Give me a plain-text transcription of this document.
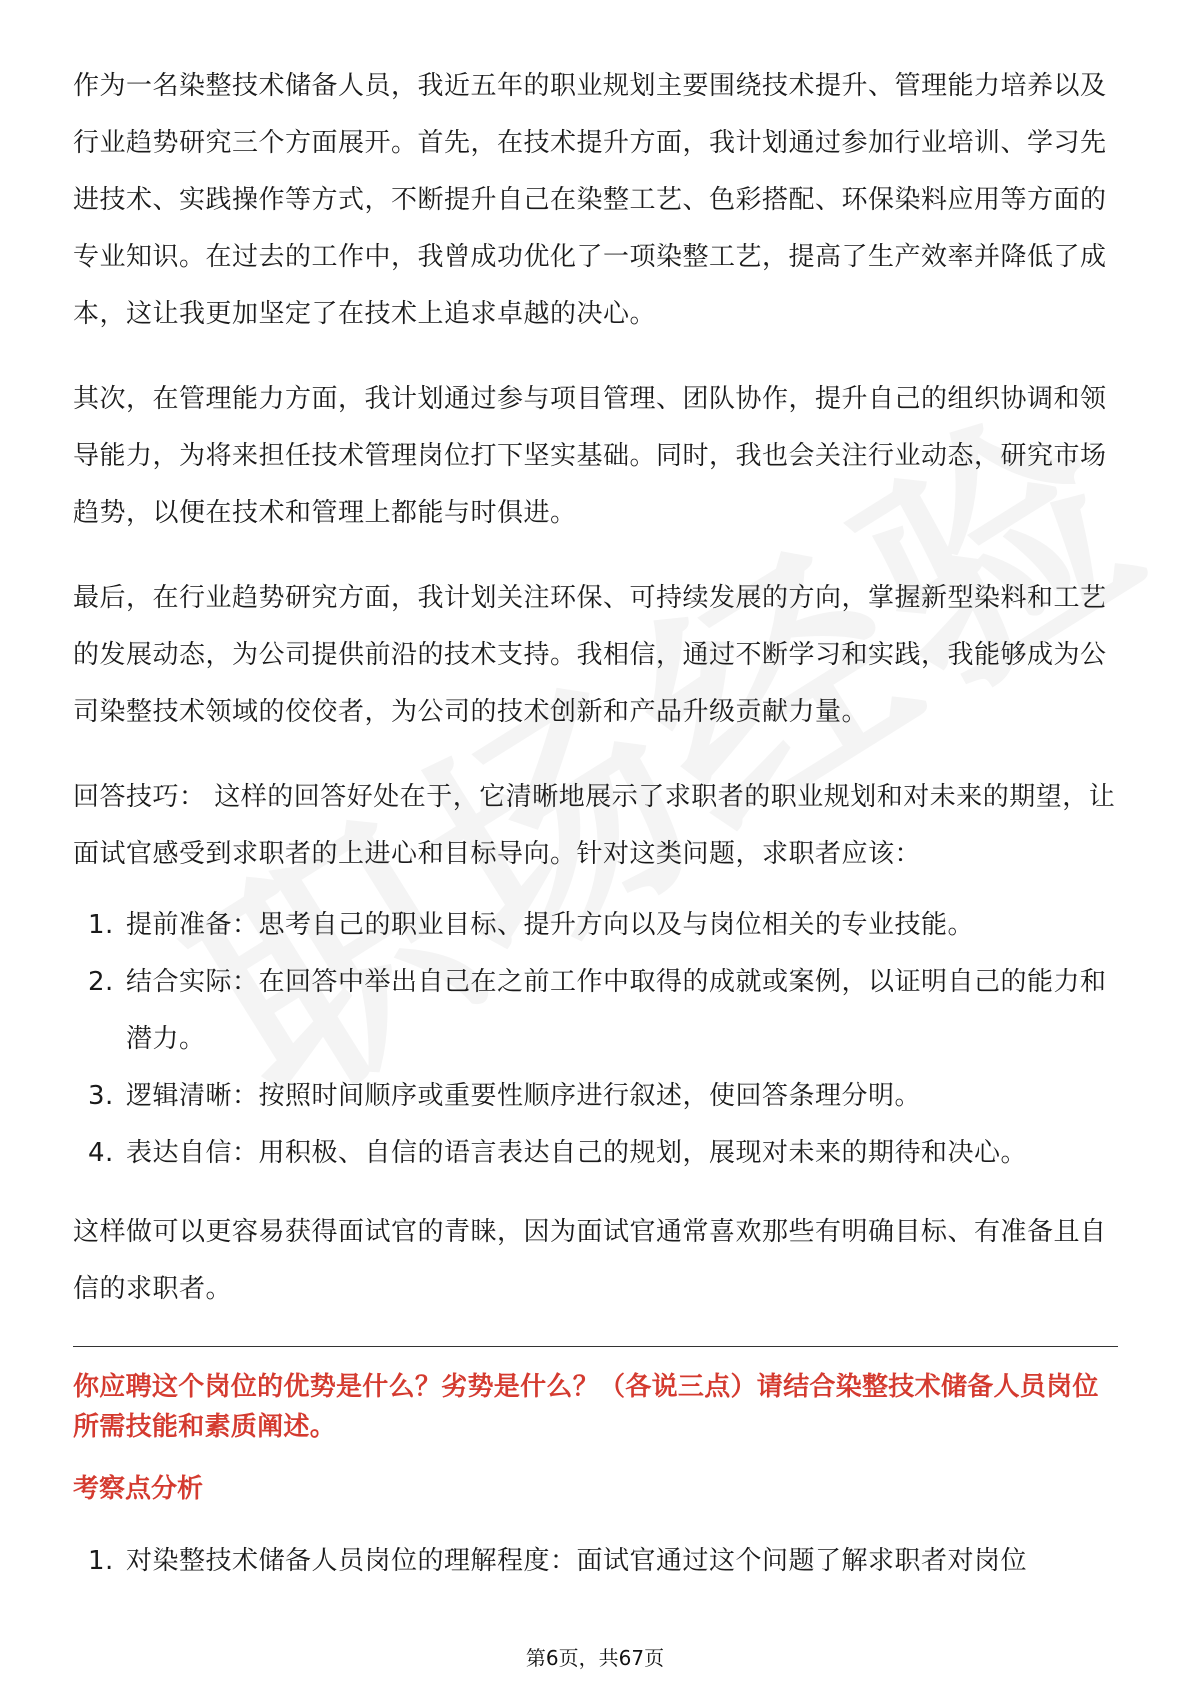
作为一名染整技术储备人员，我近五年的职业规划主要围绕技术提升、管理能力培养以及行业趋势研究三个方面展开。首先，在技术提升方面，我计划通过参加行业培训、学习先进技术、实践操作等方式，不断提升自己在染整工艺、色彩搭配、环保染料应用等方面的专业知识。在过去的工作中，我曾成功优化了一项染整工艺，提高了生产效率并降低了成本，这让我更加坚定了在技术上追求卓越的决心。

其次，在管理能力方面，我计划通过参与项目管理、团队协作，提升自己的组织协调和领导能力，为将来担任技术管理岗位打下坚实基础。同时，我也会关注行业动态，研究市场趋势，以便在技术和管理上都能与时俱进。

最后，在行业趋势研究方面，我计划关注环保、可持续发展的方向，掌握新型染料和工艺的发展动态，为公司提供前沿的技术支持。我相信，通过不断学习和实践，我能够成为公司染整技术领域的佼佼者，为公司的技术创新和产品升级贡献力量。

回答技巧： 这样的回答好处在于，它清晰地展示了求职者的职业规划和对未来的期望，让面试官感受到求职者的上进心和目标导向。针对这类问题，求职者应该：

1. 提前准备：思考自己的职业目标、提升方向以及与岗位相关的专业技能。
2. 结合实际：在回答中举出自己在之前工作中取得的成就或案例，以证明自己的能力和潜力。
3. 逻辑清晰：按照时间顺序或重要性顺序进行叙述，使回答条理分明。
4. 表达自信：用积极、自信的语言表达自己的规划，展现对未来的期待和决心。

这样做可以更容易获得面试官的青睐，因为面试官通常喜欢那些有明确目标、有准备且自信的求职者。

你应聘这个岗位的优势是什么？劣势是什么？（各说三点）请结合染整技术储备人员岗位所需技能和素质阐述。
考察点分析
1. 对染整技术储备人员岗位的理解程度：面试官通过这个问题了解求职者对岗位
第6页，共67页
